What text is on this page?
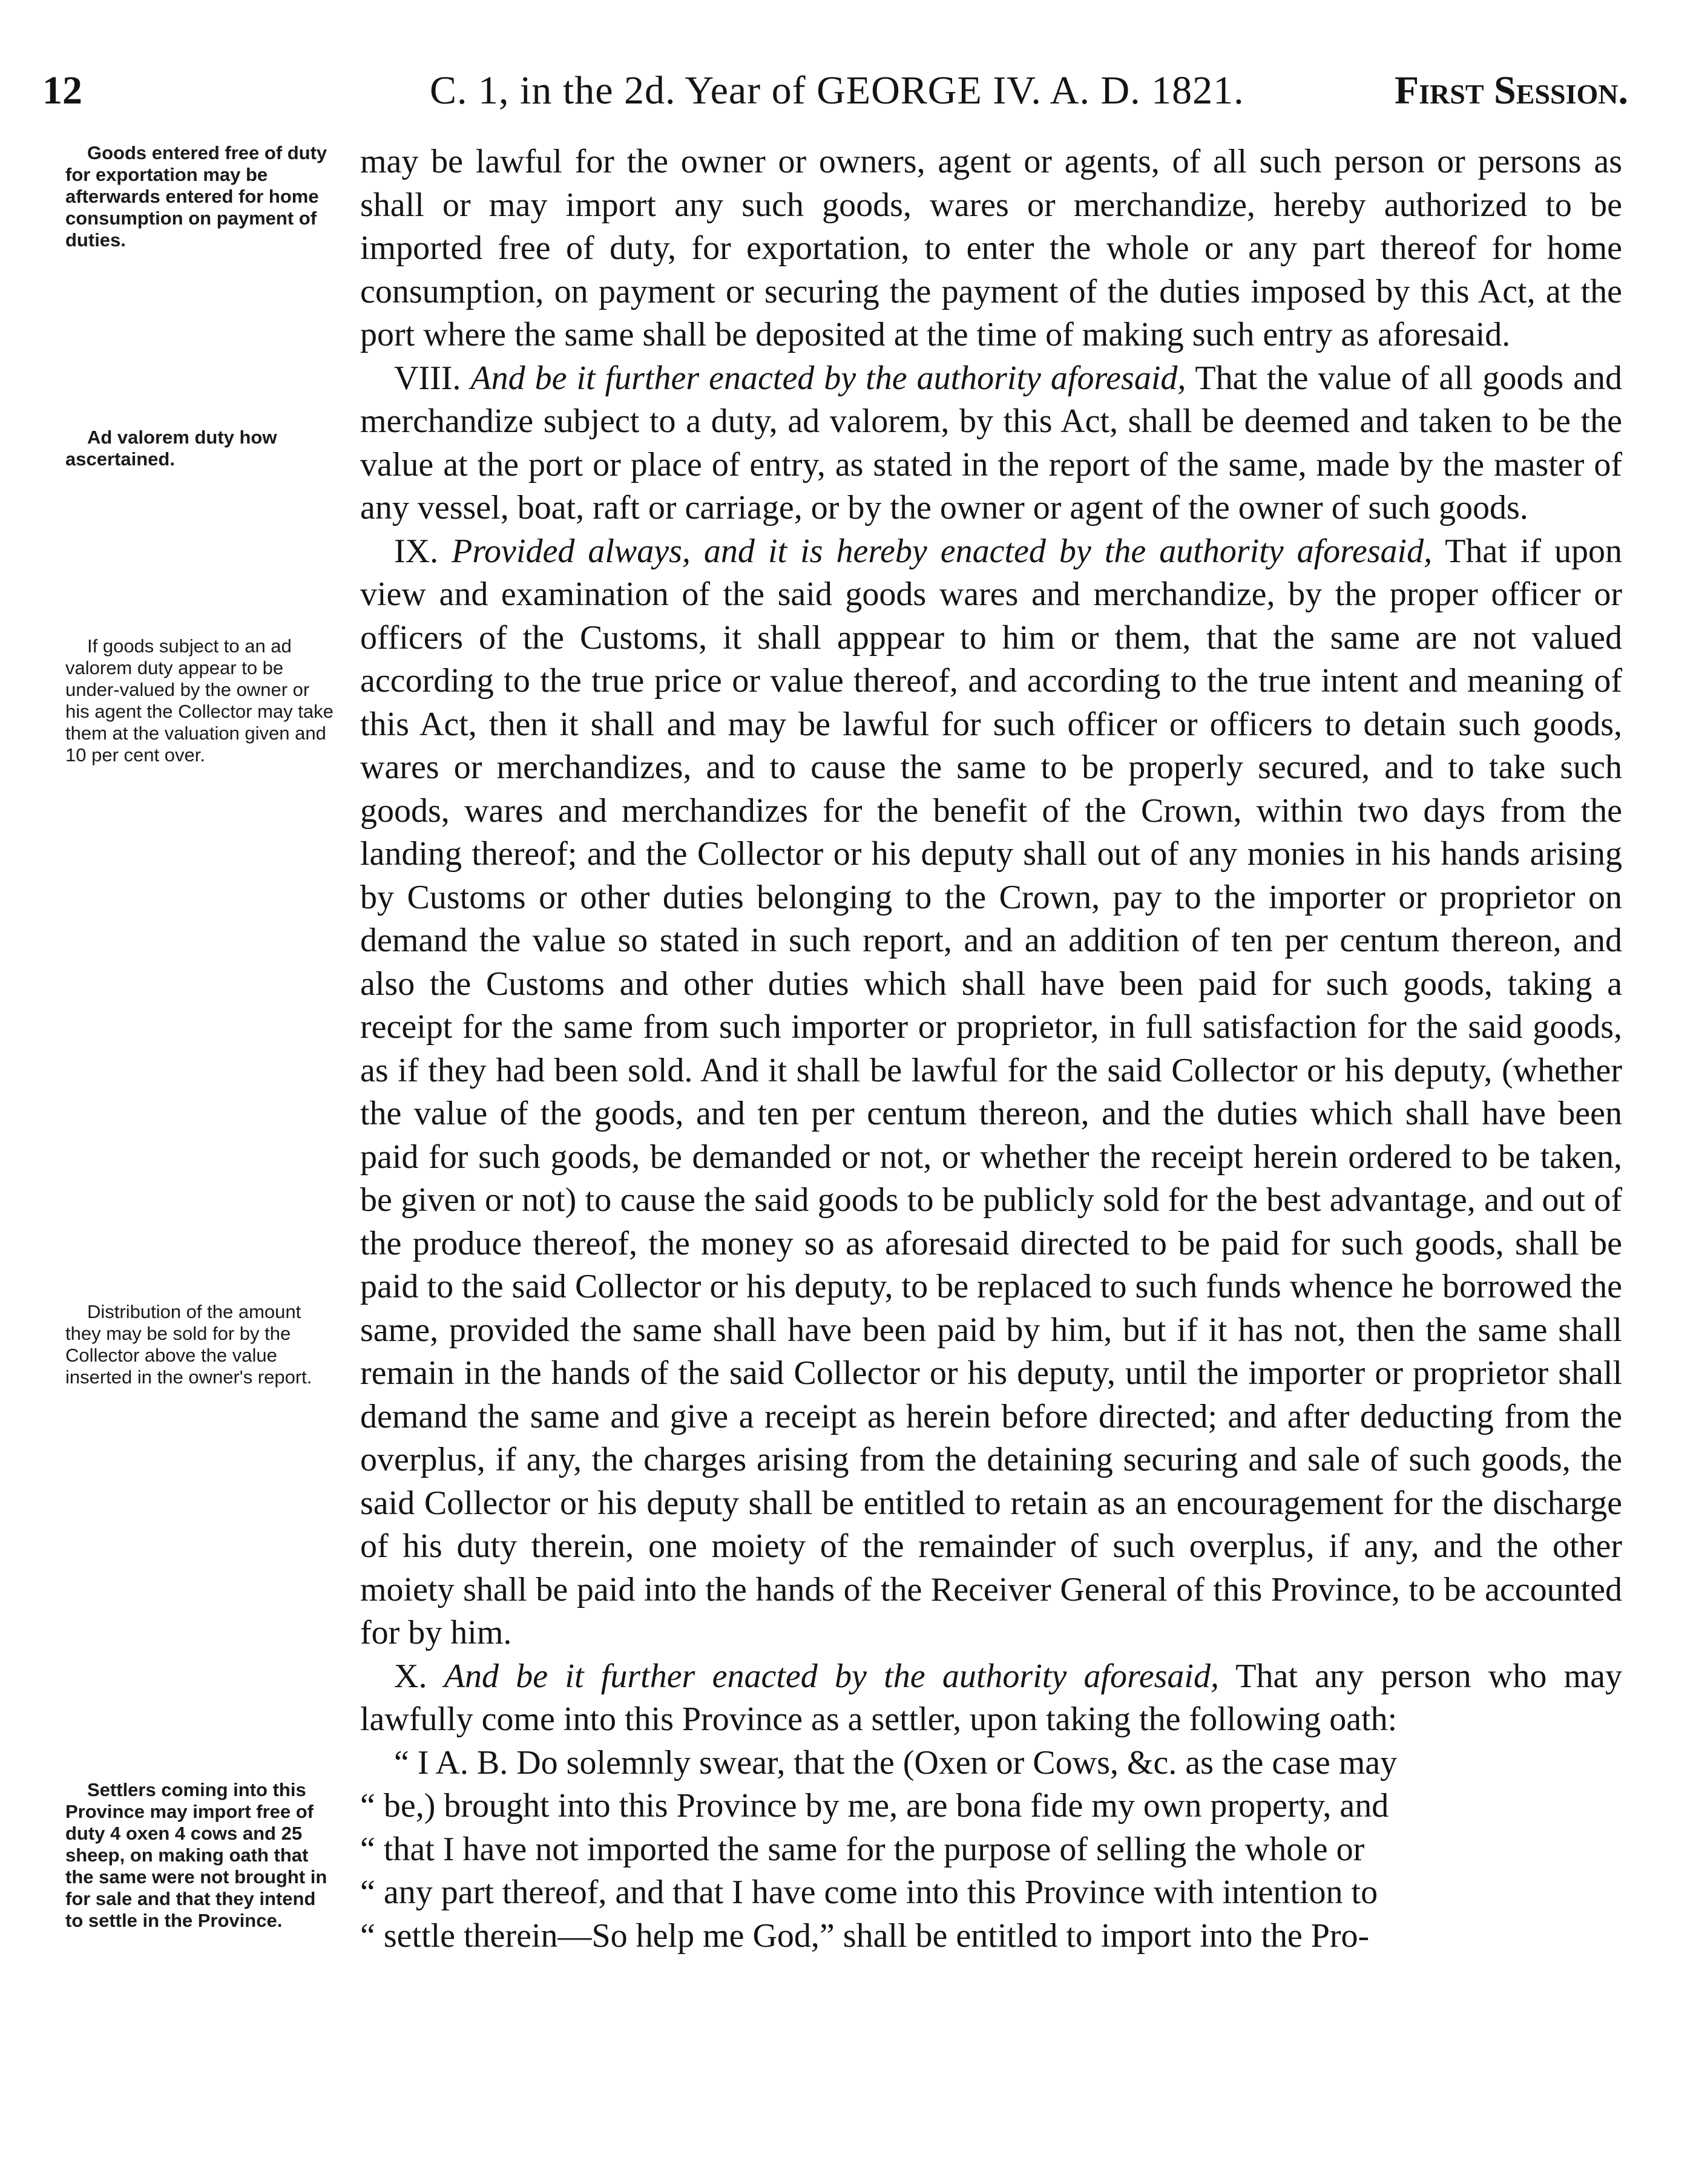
12	C. 1, in the 2d. Year of GEORGE IV. A. D. 1821.	First Session.
Goods entered free of duty for exportation may be afterwards entered for home consumption on payment of duties.
Ad valorem duty how ascertained.
If goods subject to an ad valorem duty appear to be under-valued by the owner or his agent the Collector may take them at the valuation given and 10 per cent over.
Distribution of the amount they may be sold for by the Collector above the value inserted in the owner's report.
Settlers coming into this Province may import free of duty 4 oxen 4 cows and 25 sheep, on making oath that the same were not brought in for sale and that they intend to settle in the Province.

may be lawful for the owner or owners, agent or agents, of all such person or persons as shall or may import any such goods, wares or merchandize, hereby authorized to be imported free of duty, for exportation, to enter the whole or any part thereof for home consumption, on payment or securing the payment of the duties imposed by this Act, at the port where the same shall be deposited at the time of making such entry as aforesaid.

VIII. And be it further enacted by the authority aforesaid, That the value of all goods and merchandize subject to a duty, ad valorem, by this Act, shall be deemed and taken to be the value at the port or place of entry, as stated in the report of the same, made by the master of any vessel, boat, raft or carriage, or by the owner or agent of the owner of such goods.

IX. Provided always, and it is hereby enacted by the authority aforesaid, That if upon view and examination of the said goods wares and merchandize, by the proper officer or officers of the Customs, it shall apppear to him or them, that the same are not valued according to the true price or value thereof, and according to the true intent and meaning of this Act, then it shall and may be lawful for such officer or officers to detain such goods, wares or merchandizes, and to cause the same to be properly secured, and to take such goods, wares and merchandizes for the benefit of the Crown, within two days from the landing thereof; and the Collector or his deputy shall out of any monies in his hands arising by Customs or other duties belonging to the Crown, pay to the importer or proprietor on demand the value so stated in such report, and an addition of ten per centum thereon, and also the Customs and other duties which shall have been paid for such goods, taking a receipt for the same from such importer or proprietor, in full satisfaction for the said goods, as if they had been sold. And it shall be lawful for the said Collector or his deputy, (whether the value of the goods, and ten per centum thereon, and the duties which shall have been paid for such goods, be demanded or not, or whether the receipt herein ordered to be taken, be given or not) to cause the said goods to be publicly sold for the best advantage, and out of the produce thereof, the money so as aforesaid directed to be paid for such goods, shall be paid to the said Collector or his deputy, to be replaced to such funds whence he borrowed the same, provided the same shall have been paid by him, but if it has not, then the same shall remain in the hands of the said Collector or his deputy, until the importer or proprietor shall demand the same and give a receipt as herein before directed; and after deducting from the overplus, if any, the charges arising from the detaining securing and sale of such goods, the said Collector or his deputy shall be entitled to retain as an encouragement for the discharge of his duty therein, one moiety of the remainder of such overplus, if any, and the other moiety shall be paid into the hands of the Receiver General of this Province, to be accounted for by him.

X. And be it further enacted by the authority aforesaid, That any person who may lawfully come into this Province as a settler, upon taking the following oath:

“ I A. B. Do solemnly swear, that the (Oxen or Cows, &c. as the case may
“ be,) brought into this Province by me, are bona fide my own property, and
“ that I have not imported the same for the purpose of selling the whole or
“ any part thereof, and that I have come into this Province with intention to
“ settle therein—So help me God,” shall be entitled to import into the Pro-
